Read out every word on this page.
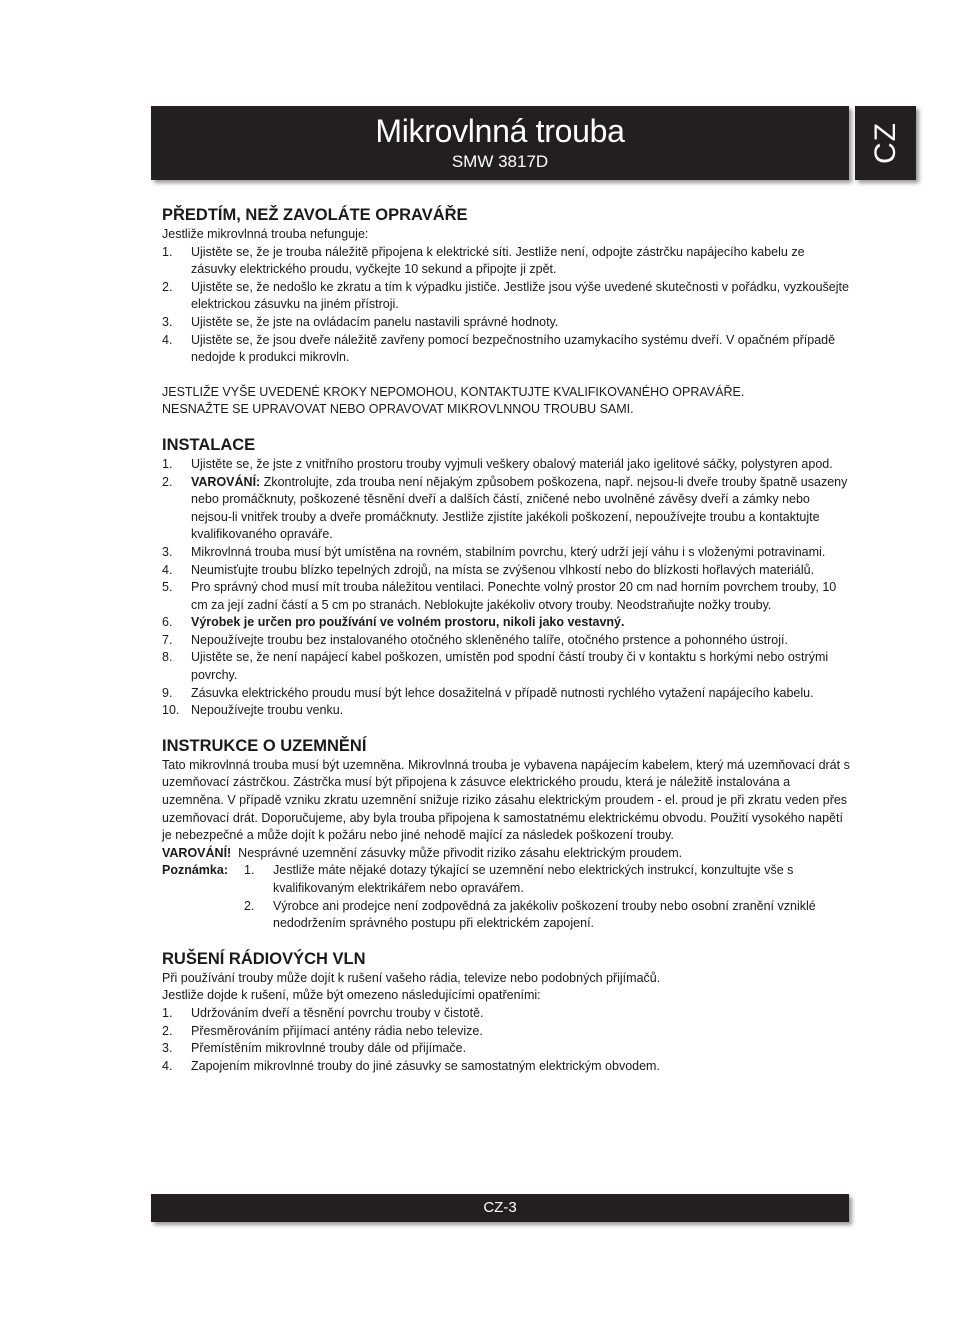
Mikrovlnná trouba
SMW 3817D	CZ
PŘEDTÍM, NEŽ ZAVOLÁTE OPRAVÁŘE

Jestliže mikrovlnná trouba nefunguje:

1. Ujistěte se, že je trouba náležitě připojena k elektrické síti. Jestliže není, odpojte zástrčku napájecího kabelu ze zásuvky elektrického proudu, vyčkejte 10 sekund a připojte ji zpět.
2. Ujistěte se, že nedošlo ke zkratu a tím k výpadku jističe. Jestliže jsou výše uvedené skutečnosti v pořádku, vyzkoušejte elektrickou zásuvku na jiném přístroji.
3. Ujistěte se, že jste na ovládacím panelu nastavili správné hodnoty.
4. Ujistěte se, že jsou dveře náležitě zavřeny pomocí bezpečnostního uzamykacího systému dveří. V opačném případě nedojde k produkci mikrovln.

JESTLIŽE VYŠE UVEDENÉ KROKY NEPOMOHOU, KONTAKTUJTE KVALIFIKOVANÉHO OPRAVÁŘE.

NESNAŽTE SE UPRAVOVAT NEBO OPRAVOVAT MIKROVLNNOU TROUBU SAMI.

INSTALACE
1. Ujistěte se, že jste z vnitřního prostoru trouby vyjmuli veškery obalový materiál jako igelitové sáčky, polystyren apod.
2. VAROVÁNÍ: Zkontrolujte, zda trouba není nějakým způsobem poškozena, např. nejsou-li dveře trouby špatně usazeny nebo promáčknuty, poškozené těsnění dveří a dalších částí, zničené nebo uvolněné závěsy dveří a zámky nebo nejsou-li vnitřek trouby a dveře promáčknuty. Jestliže zjistíte jakékoli poškození, nepoužívejte troubu a kontaktujte kvalifikovaného opraváře.
3. Mikrovlnná trouba musí být umístěna na rovném, stabilním povrchu, který udrží její váhu i s vloženými potravinami.
4. Neumisťujte troubu blízko tepelných zdrojů, na místa se zvýšenou vlhkostí nebo do blízkosti hořlavých materiálů.
5. Pro správný chod musí mít trouba náležitou ventilaci. Ponechte volný prostor 20 cm nad horním povrchem trouby, 10 cm za její zadní částí a 5 cm po stranách. Neblokujte jakékoliv otvory trouby. Neodstraňujte nožky trouby.
6. Výrobek je určen pro používání ve volném prostoru, nikoli jako vestavný.
7. Nepoužívejte troubu bez instalovaného otočného skleněného talíře, otočného prstence a pohonného ústrojí.
8. Ujistěte se, že není napájecí kabel poškozen, umístěn pod spodní částí trouby či v kontaktu s horkými nebo ostrými povrchy.
9. Zásuvka elektrického proudu musí být lehce dosažitelná v případě nutnosti rychlého vytažení napájecího kabelu.
10. Nepoužívejte troubu venku.
INSTRUKCE O UZEMNĚNÍ

Tato mikrovlnná trouba musí být uzemněna. Mikrovlnná trouba je vybavena napájecím kabelem, který má uzemňovací drát s uzemňovací zástrčkou. Zástrčka musí být připojena k zásuvce elektrického proudu, která je náležitě instalována a uzemněna. V případě vzniku zkratu uzemnění snižuje riziko zásahu elektrickým proudem - el. proud je při zkratu veden přes uzemňovací drát. Doporučujeme, aby byla trouba připojena k samostatnému elektrickému obvodu. Použití vysokého napětí je nebezpečné a může dojít k požáru nebo jiné nehodě mající za následek poškození trouby.

VAROVÁNÍ! Nesprávné uzemnění zásuvky může přivodit riziko zásahu elektrickým proudem.

Poznámka: 1. Jestliže máte nějaké dotazy týkající se uzemnění nebo elektrických instrukcí, konzultujte vše s kvalifikovaným elektrikářem nebo opravářem.
2. Výrobce ani prodejce není zodpovědná za jakékoliv poškození trouby nebo osobní zranění vzniklé nedodržením správného postupu při elektrickém zapojení.
RUŠENÍ RÁDIOVÝCH VLN

Při používání trouby může dojít k rušení vašeho rádia, televize nebo podobných přijímačů.

Jestliže dojde k rušení, může být omezeno následujícími opatřeními:

1. Udržováním dveří a těsnění povrchu trouby v čistotě.
2. Přesměrováním přijímací antény rádia nebo televize.
3. Přemístěním mikrovlnné trouby dále od přijímače.
4. Zapojením mikrovlnné trouby do jiné zásuvky se samostatným elektrickým obvodem.
CZ-3
